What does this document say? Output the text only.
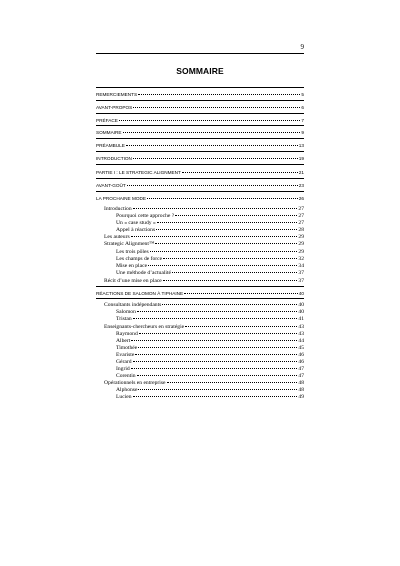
9
SOMMAIRE
REMERCIEMENTS	5
AVANT-PROPOS	6
PRÉFACE	7
SOMMAIRE	9
PRÉAMBULE	13
INTRODUCTION	19
PARTIE I : LE STRATEGIC ALIGNMENT	21
AVANT-GOÛT	23
LA PROCHAINE MODE	26
Introduction	27
Pourquoi cette approche ?	27
Un « case study »	27
Appel à réactions	28
Les auteurs	29
Strategic Alignment™	29
Les trois pôles	29
Les champs de force	32
Mise en place	34
Une méthode d’actualité	37
Récit d’une mise en place	37
RÉACTIONS DE SALOMON À TIPHAINE	40
Consultants indépendants	40
Salomon	40
Tristan	41
Enseignants-chercheurs en stratégie	43
Raymond	43
Albert	44
Timothée	45
Evariste	46
Gérard	46
Ingrid	47
Corentin	47
Opérationnels en entreprise	48
Alphonse	48
Lucien	49
